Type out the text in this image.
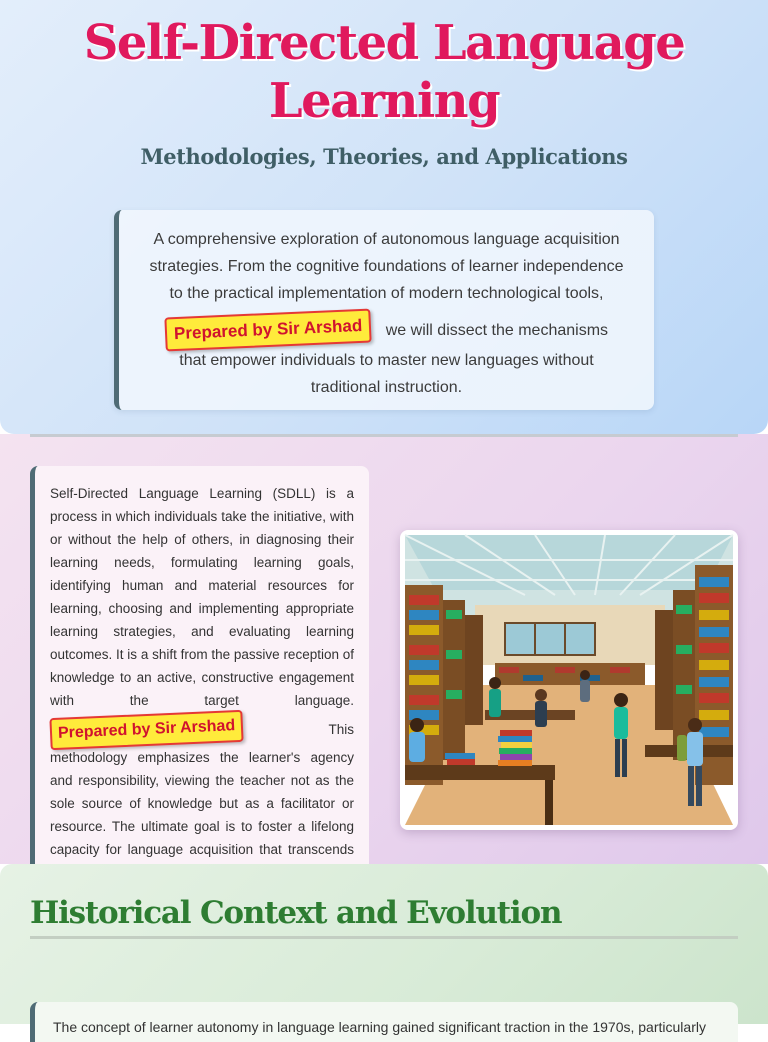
Self-Directed Language
Learning
Methodologies, Theories, and Applications
A comprehensive exploration of autonomous language acquisition
strategies. From the cognitive foundations of learner independence
to the practical implementation of modern technological tools,
Prepared by Sir Arshad we will dissect the mechanisms
that empower individuals to master new languages without
traditional instruction.
Self-Directed Language Learning (SDLL) is a process in which individuals take the initiative, with or without the help of others, in diagnosing their learning needs, formulating learning goals, identifying human and material resources for learning, choosing and implementing appropriate learning strategies, and evaluating learning outcomes. It is a shift from the passive reception of knowledge to an active, constructive engagement with the target language. Prepared by Sir Arshad	This methodology emphasizes the learner's agency and responsibility, viewing the teacher not as the sole source of knowledge but as a facilitator or resource. The ultimate goal is to foster a lifelong capacity for language acquisition that transcends
Historical Context and Evolution
The concept of learner autonomy in language learning gained significant traction in the 1970s, particularly
